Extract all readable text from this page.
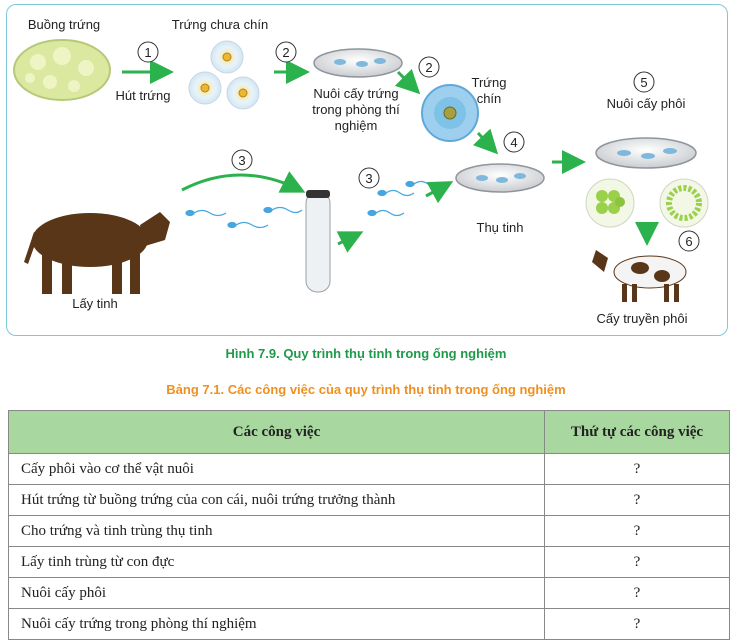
1	2
2
3
3
4
5
6
Buồng trứng	Trứng chưa chín
Hút trứng	Nuôi cấy trứng trong phòng thí nghiệm
Trứng chín	Nuôi cấy phôi
Lấy tinh
Thụ tinh
Cấy truyền phôi
Hình 7.9. Quy trình thụ tinh trong ống nghiệm
Bảng 7.1. Các công việc của quy trình thụ tinh trong ống nghiệm
Các công việc	Thứ tự các công việc
Cấy phôi vào cơ thể vật nuôi	?
Hút trứng từ buồng trứng của con cái, nuôi trứng trưởng thành	?
Cho trứng và tinh trùng thụ tinh	?
Lấy tinh trùng từ con đực	?
Nuôi cấy phôi	?
Nuôi cấy trứng trong phòng thí nghiệm	?
